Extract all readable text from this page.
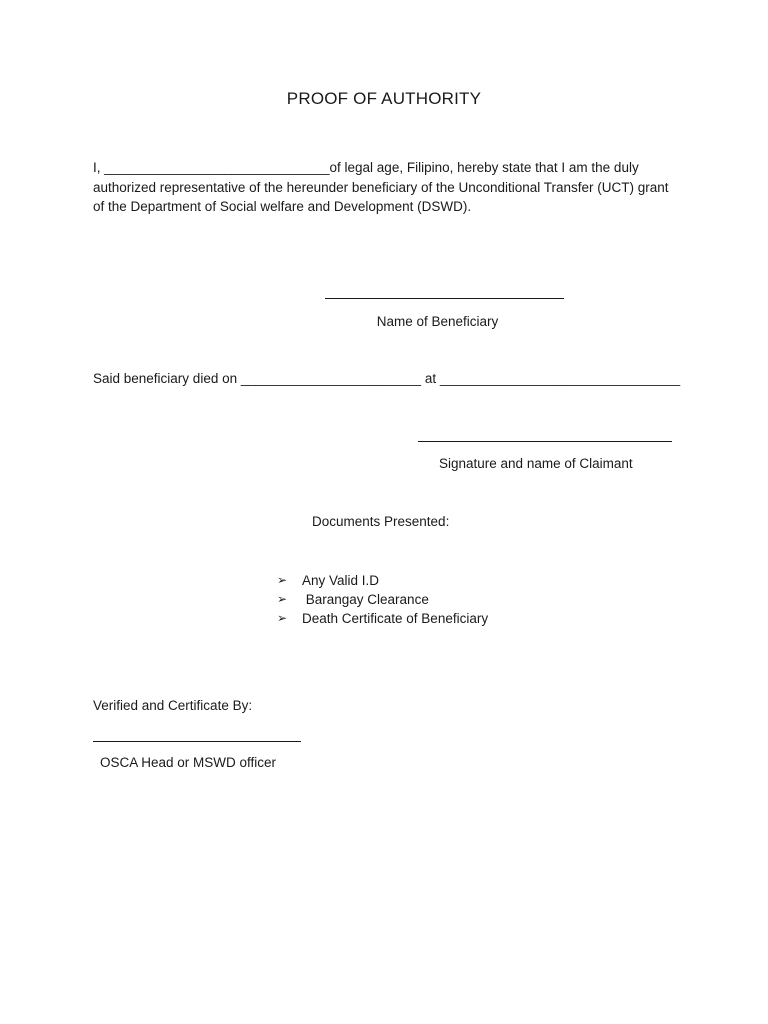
PROOF OF AUTHORITY
I, ______________________________of legal age, Filipino, hereby state that I am the duly authorized representative of the hereunder beneficiary of the Unconditional Transfer (UCT) grant of the Department of Social welfare and Development (DSWD).
Name of Beneficiary
Said beneficiary died on ________________________ at ________________________________
Signature and name of Claimant
Documents Presented:
➢	Any Valid I.D
➢	Barangay Clearance
➢	Death Certificate of Beneficiary
Verified and Certificate By:
OSCA Head or MSWD officer
